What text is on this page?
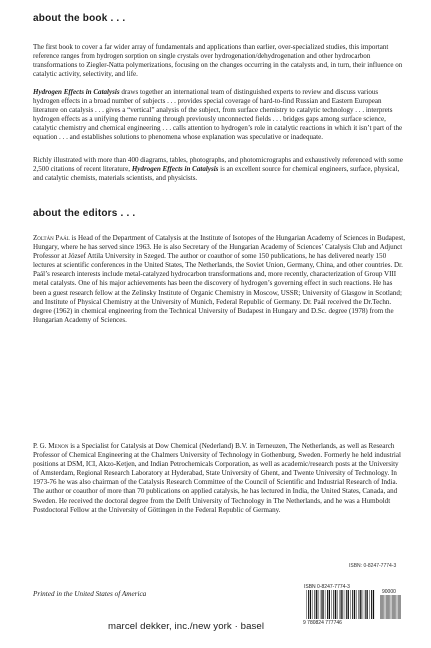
about the book . . .

The first book to cover a far wider array of fundamentals and applications than earlier, over-specialized studies, this important reference ranges from hydrogen sorption on single crystals over hydrogenation/dehydrogenation and other hydrocarbon transformations to Ziegler-Natta polymerizations, focusing on the changes occurring in the catalysts and, in turn, their influence on catalytic activity, selectivity, and life.

Hydrogen Effects in Catalysis draws together an international team of distinguished experts to review and discuss various hydrogen effects in a broad number of subjects . . . provides special coverage of hard-to-find Russian and Eastern European literature on catalysis . . . gives a “vertical” analysis of the subject, from surface chemistry to catalytic technology . . . interprets hydrogen effects as a unifying theme running through previously unconnected fields . . . bridges gaps among surface science, catalytic chemistry and chemical engineering . . . calls attention to hydrogen’s role in catalytic reactions in which it isn’t part of the equation . . . and establishes solutions to phenomena whose explanation was speculative or inadequate.

Richly illustrated with more than 400 diagrams, tables, photographs, and photomicrographs and exhaustively referenced with some 2,500 citations of recent literature, Hydrogen Effects in Catalysis is an excellent source for chemical engineers, surface, physical, and catalytic chemists, materials scientists, and physicists.

about the editors . . .

Zoltán Paál is Head of the Department of Catalysis at the Institute of Isotopes of the Hungarian Academy of Sciences in Budapest, Hungary, where he has served since 1963. He is also Secretary of the Hungarian Academy of Sciences’ Catalysis Club and Adjunct Professor at József Attila University in Szeged. The author or coauthor of some 150 publications, he has delivered nearly 150 lectures at scientific conferences in the United States, The Netherlands, the Soviet Union, Germany, China, and other countries. Dr. Paál’s research interests include metal-catalyzed hydrocarbon transformations and, more recently, characterization of Group VIII metal catalysts. One of his major achievements has been the discovery of hydrogen’s governing effect in such reactions. He has been a guest research fellow at the Zelinsky Institute of Organic Chemistry in Moscow, USSR; University of Glasgow in Scotland; and Institute of Physical Chemistry at the University of Munich, Federal Republic of Germany. Dr. Paál received the Dr.Techn. degree (1962) in chemical engineering from the Technical University of Budapest in Hungary and D.Sc. degree (1978) from the Hungarian Academy of Sciences.

P. G. Menon is a Specialist for Catalysis at Dow Chemical (Nederland) B.V. in Terneuzen, The Netherlands, as well as Research Professor of Chemical Engineering at the Chalmers University of Technology in Gothenburg, Sweden. Formerly he held industrial positions at DSM, ICI, Akzo-Ketjen, and Indian Petrochemicals Corporation, as well as academic/research posts at the University of Amsterdam, Regional Research Laboratory at Hyderabad, State University of Ghent, and Twente University of Technology. In 1973-76 he was also chairman of the Catalysis Research Committee of the Council of Scientific and Industrial Research of India. The author or coauthor of more than 70 publications on applied catalysis, he has lectured in India, the United States, Canada, and Sweden. He received the doctoral degree from the Delft University of Technology in The Netherlands, and he was a Humboldt Postdoctoral Fellow at the University of Göttingen in the Federal Republic of Germany.

ISBN: 0-8247-7774-3
Printed in the United States of America
ISBN 0-8247-7774-3
90000
9 780824 777746
marcel dekker, inc./new york · basel
